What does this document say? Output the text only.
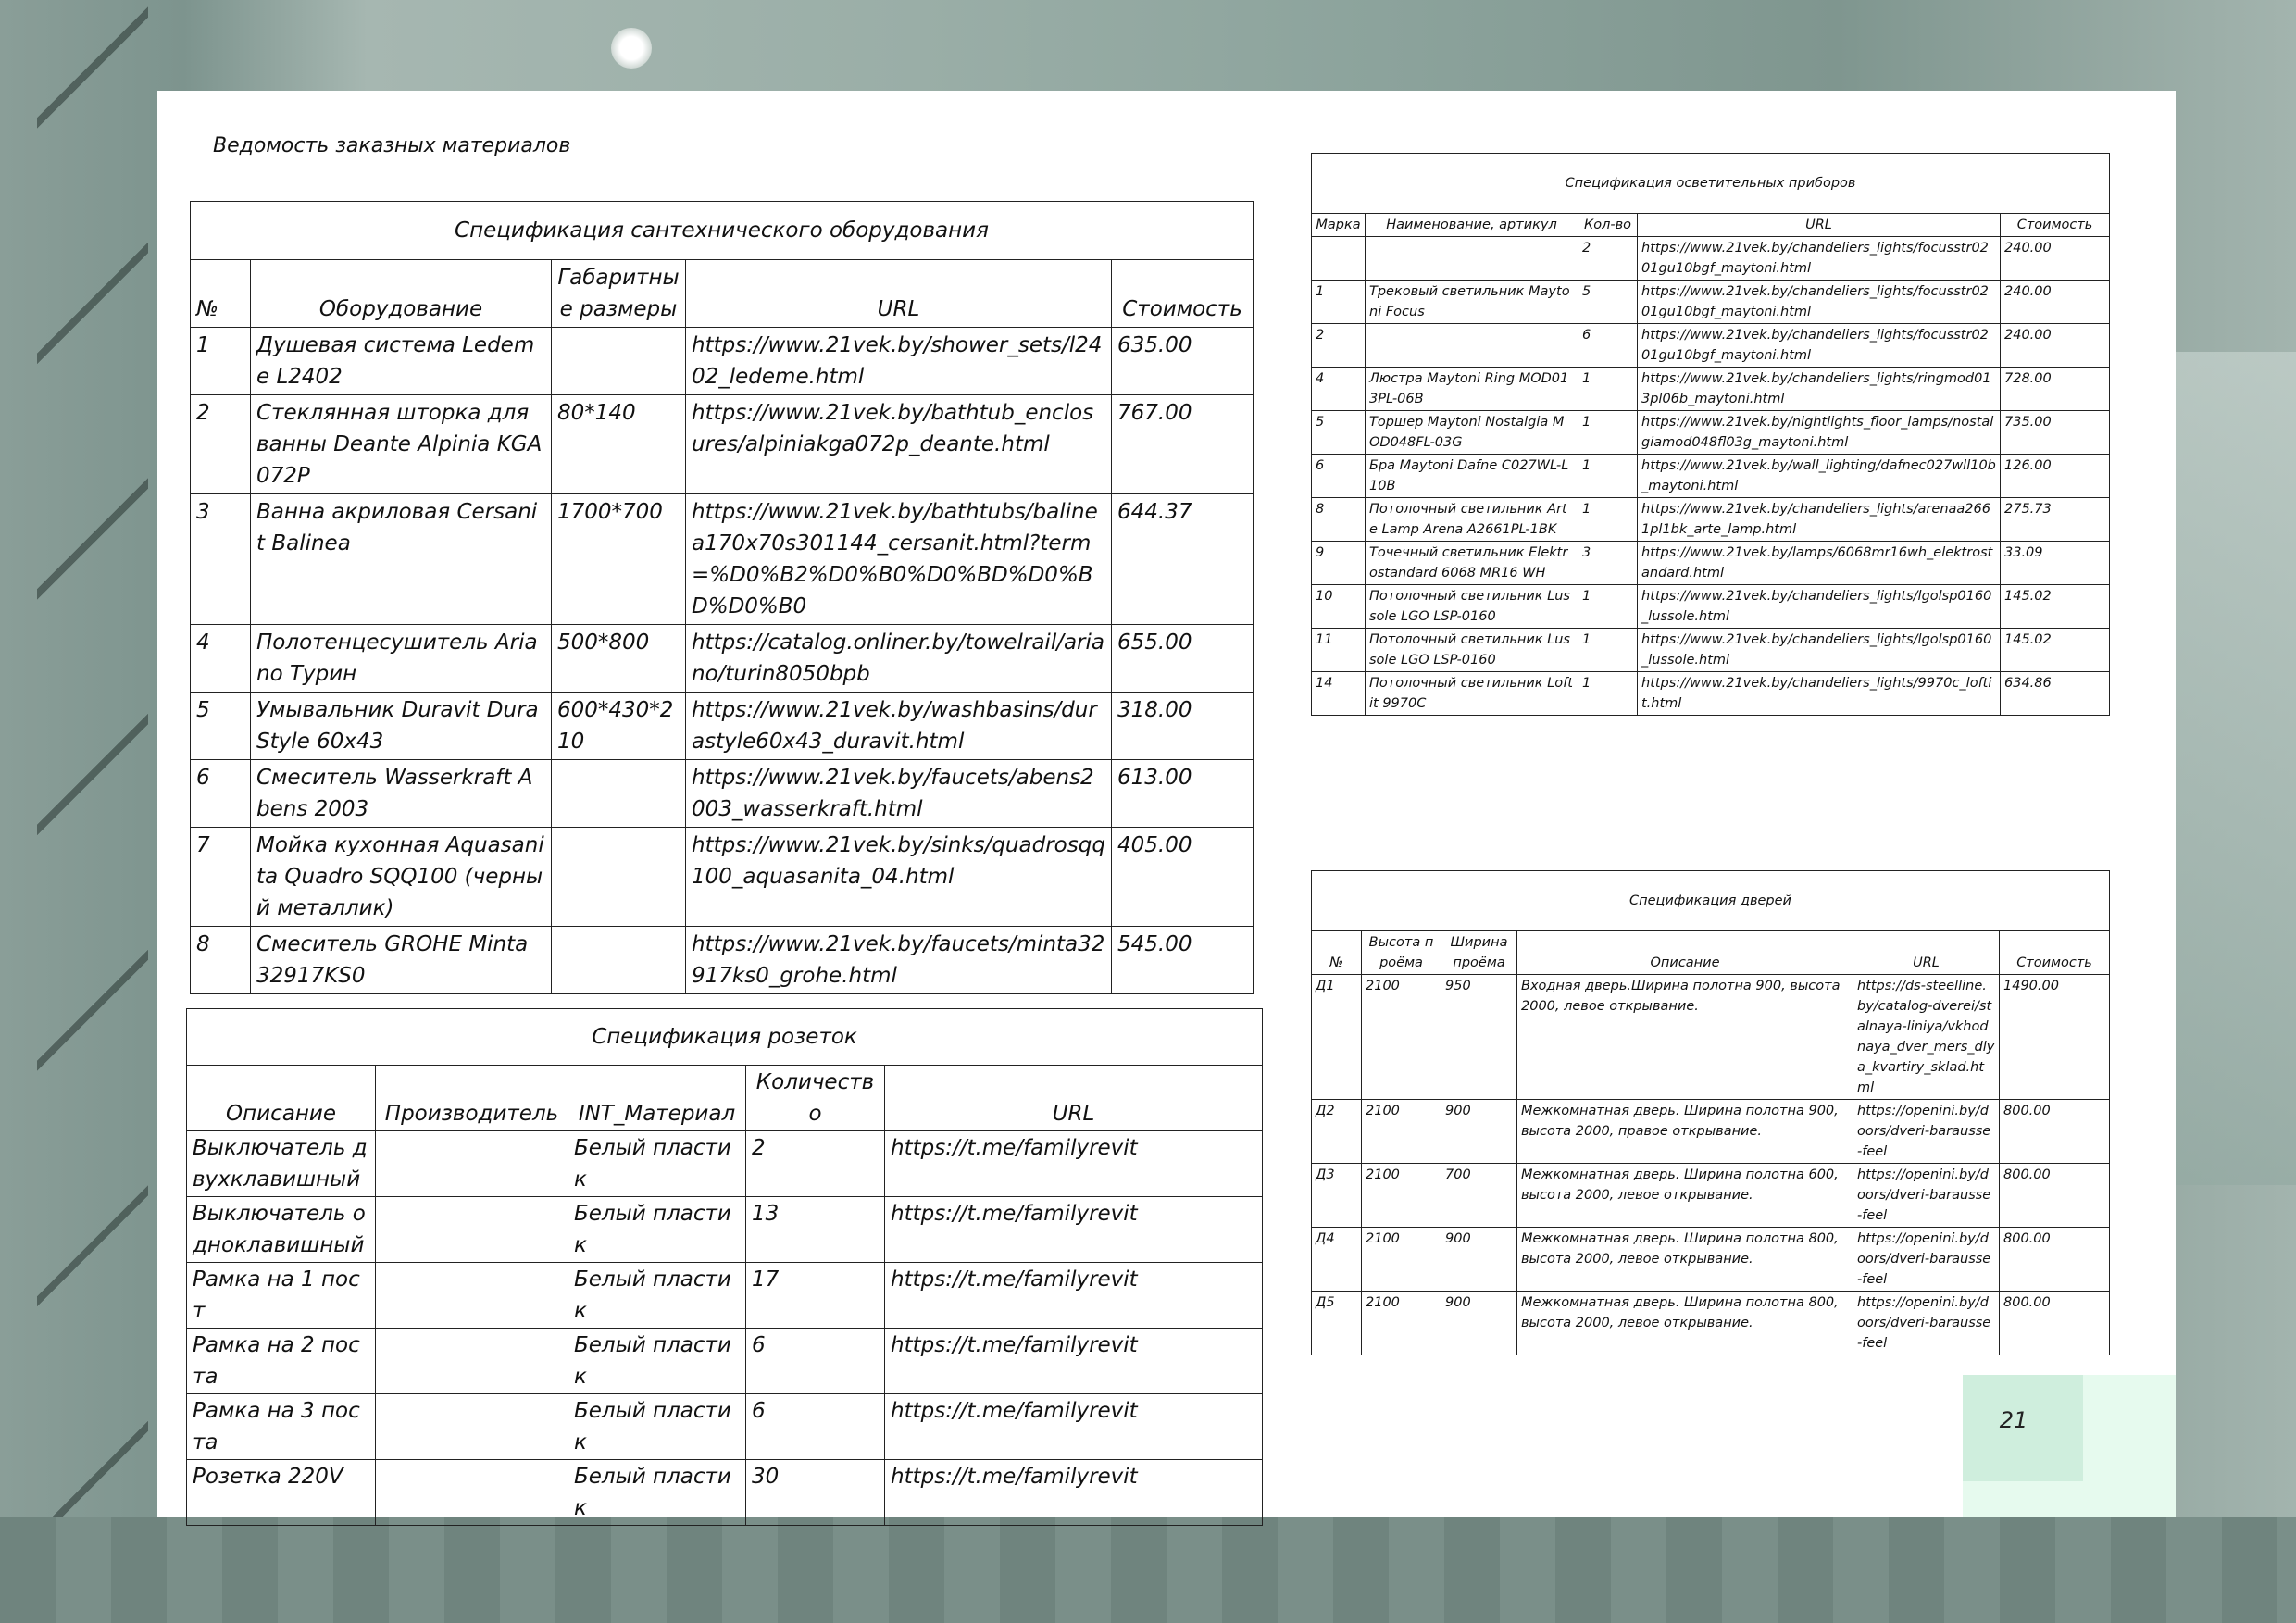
21
Ведомость заказных материалов
Спецификация сантехнического оборудования				
№	Оборудование	Габаритные размеры	URL	Стоимость
1	Душевая система Ledeme L2402		https://www.21vek.by/shower_sets/l2402_ledeme.html	635.00
2	Стеклянная шторка для ванны Deante Alpinia KGA 072P	80*140	https://www.21vek.by/bathtub_enclosures/alpiniakga072p_deante.html	767.00
3	Ванна акриловая Cersanit Balinea	1700*700	https://www.21vek.by/bathtubs/balinea170x70s301144_cersanit.html?term=%D0%B2%D0%B0%D0%BD%D0%BD%D0%B0	644.37
4	Полотенцесушитель Ariano Турин	500*800	https://catalog.onliner.by/towelrail/ariano/turin8050bpb	655.00
5	Умывальник Duravit DuraStyle 60x43	600*430*210	https://www.21vek.by/washbasins/durastyle60x43_duravit.html	318.00
6	Смеситель Wasserkraft Abens 2003		https://www.21vek.by/faucets/abens2003_wasserkraft.html	613.00
7	Мойка кухонная Aquasanita Quadro SQQ100 (черный металлик)		https://www.21vek.by/sinks/quadrosqq100_aquasanita_04.html	405.00
8	Смеситель GROHE Minta 32917KS0		https://www.21vek.by/faucets/minta32917ks0_grohe.html	545.00
Спецификация розеток				
Описание	Производитель	INT_Материал	Количество	URL
Выключатель двухклавишный		Белый пластик	2	https://t.me/familyrevit
Выключатель одноклавишный		Белый пластик	13	https://t.me/familyrevit
Рамка на 1 пост		Белый пластик	17	https://t.me/familyrevit
Рамка на 2 поста		Белый пластик	6	https://t.me/familyrevit
Рамка на 3 поста		Белый пластик	6	https://t.me/familyrevit
Розетка 220V		Белый пластик	30	https://t.me/familyrevit
Спецификация осветительных приборов				
Марка	Наименование, артикул	Кол-во	URL	Стоимость
		2	https://www.21vek.by/chandeliers_lights/focusstr0201gu10bgf_maytoni.html	240.00
1	Трековый светильник Maytoni Focus	5	https://www.21vek.by/chandeliers_lights/focusstr0201gu10bgf_maytoni.html	240.00
2		6	https://www.21vek.by/chandeliers_lights/focusstr0201gu10bgf_maytoni.html	240.00
4	Люстра Maytoni Ring MOD013PL-06B	1	https://www.21vek.by/chandeliers_lights/ringmod013pl06b_maytoni.html	728.00
5	Торшер Maytoni Nostalgia MOD048FL-03G	1	https://www.21vek.by/nightlights_floor_lamps/nostalgiamod048fl03g_maytoni.html	735.00
6	Бра Maytoni Dafne C027WL-L10B	1	https://www.21vek.by/wall_lighting/dafnec027wll10b_maytoni.html	126.00
8	Потолочный светильник Arte Lamp Arena A2661PL-1BK	1	https://www.21vek.by/chandeliers_lights/arenaa2661pl1bk_arte_lamp.html	275.73
9	Точечный светильник Elektrostandard 6068 MR16 WH	3	https://www.21vek.by/lamps/6068mr16wh_elektrostandard.html	33.09
10	Потолочный светильник Lussole LGO LSP-0160	1	https://www.21vek.by/chandeliers_lights/lgolsp0160_lussole.html	145.02
11	Потолочный светильник Lussole LGO LSP-0160	1	https://www.21vek.by/chandeliers_lights/lgolsp0160_lussole.html	145.02
14	Потолочный светильник Loftit 9970C	1	https://www.21vek.by/chandeliers_lights/9970c_loftit.html	634.86
Спецификация дверей					
№	Высота проёма	Ширина проёма	Описание	URL	Стоимость
Д1	2100	950	Входная дверь.Ширина полотна 900, высота 2000, левое открывание.	https://ds-steelline.by/catalog-dverei/stalnaya-liniya/vkhodnaya_dver_mers_dlya_kvartiry_sklad.html	1490.00
Д2	2100	900	Межкомнатная дверь. Ширина полотна 900, высота 2000, правое открывание.	https://openini.by/doors/dveri-barausse-feel	800.00
Д3	2100	700	Межкомнатная дверь. Ширина полотна 600, высота 2000, левое открывание.	https://openini.by/doors/dveri-barausse-feel	800.00
Д4	2100	900	Межкомнатная дверь. Ширина полотна 800, высота 2000, левое открывание.	https://openini.by/doors/dveri-barausse-feel	800.00
Д5	2100	900	Межкомнатная дверь. Ширина полотна 800, высота 2000, левое открывание.	https://openini.by/doors/dveri-barausse-feel	800.00
